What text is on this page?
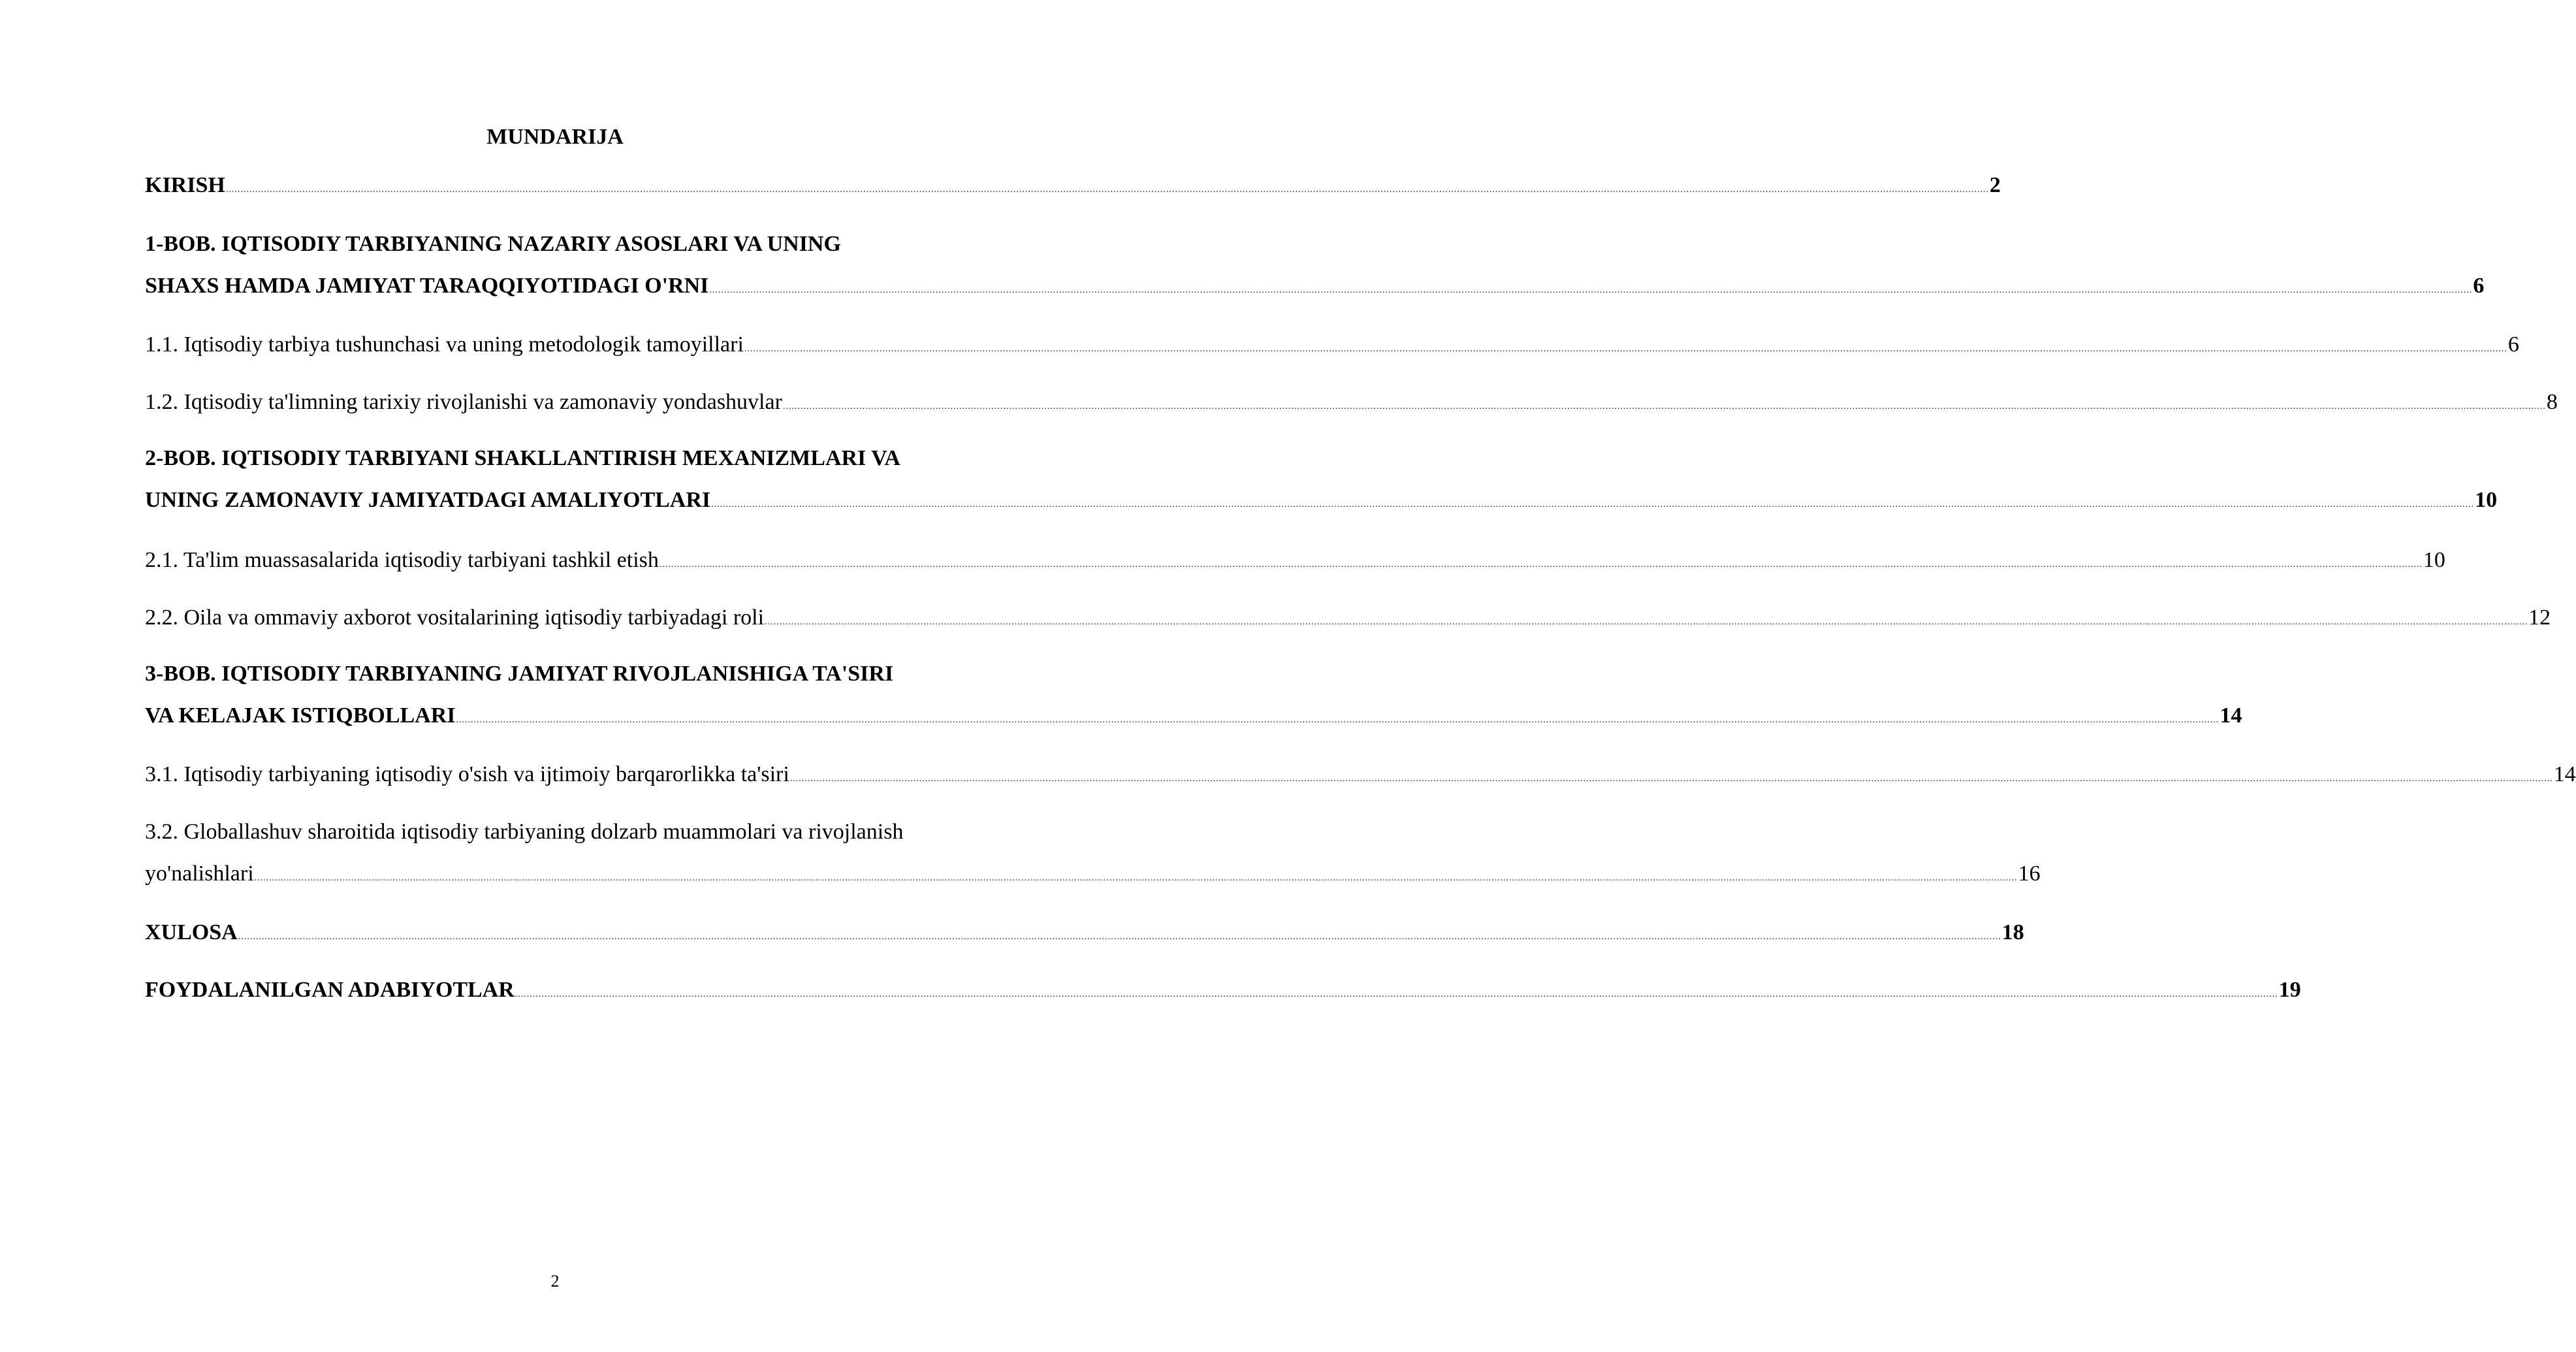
MUNDARIJA
KIRISH ........................................................................................................................................................................................................................................................................................................................................................................................................................................................................................................................................................................................................................ 2
1-BOB. IQTISODIY TARBIYANING NAZARIY ASOSLARI VA UNING
SHAXS HAMDA JAMIYAT TARAQQIYOTIDAGI O'RNI ........................................................................................................................................................................................................................................................................................................................................................................................................................................................................................................................................................................................................................ 6
1.1. Iqtisodiy tarbiya tushunchasi va uning metodologik tamoyillari ........................................................................................................................................................................................................................................................................................................................................................................................................................................................................................................................................................................................................................ 6
1.2. Iqtisodiy ta'limning tarixiy rivojlanishi va zamonaviy yondashuvlar ........................................................................................................................................................................................................................................................................................................................................................................................................................................................................................................................................................................................................................ 8
2-BOB. IQTISODIY TARBIYANI SHAKLLANTIRISH MEXANIZMLARI VA
UNING ZAMONAVIY JAMIYATDAGI AMALIYOTLARI ........................................................................................................................................................................................................................................................................................................................................................................................................................................................................................................................................................................................................................ 10
2.1. Ta'lim muassasalarida iqtisodiy tarbiyani tashkil etish ........................................................................................................................................................................................................................................................................................................................................................................................................................................................................................................................................................................................................................ 10
2.2. Oila va ommaviy axborot vositalarining iqtisodiy tarbiyadagi roli ........................................................................................................................................................................................................................................................................................................................................................................................................................................................................................................................................................................................................................ 12
3-BOB. IQTISODIY TARBIYANING JAMIYAT RIVOJLANISHIGA TA'SIRI
VA KELAJAK ISTIQBOLLARI ........................................................................................................................................................................................................................................................................................................................................................................................................................................................................................................................................................................................................................ 14
3.1. Iqtisodiy tarbiyaning iqtisodiy o'sish va ijtimoiy barqarorlikka ta'siri ........................................................................................................................................................................................................................................................................................................................................................................................................................................................................................................................................................................................................................ 14
3.2. Globallashuv sharoitida iqtisodiy tarbiyaning dolzarb muammolari va rivojlanish
yo'nalishlari ........................................................................................................................................................................................................................................................................................................................................................................................................................................................................................................................................................................................................................ 16
XULOSA ........................................................................................................................................................................................................................................................................................................................................................................................................................................................................................................................................................................................................................ 18
FOYDALANILGAN ADABIYOTLAR ........................................................................................................................................................................................................................................................................................................................................................................................................................................................................................................................................................................................................................ 19
2
